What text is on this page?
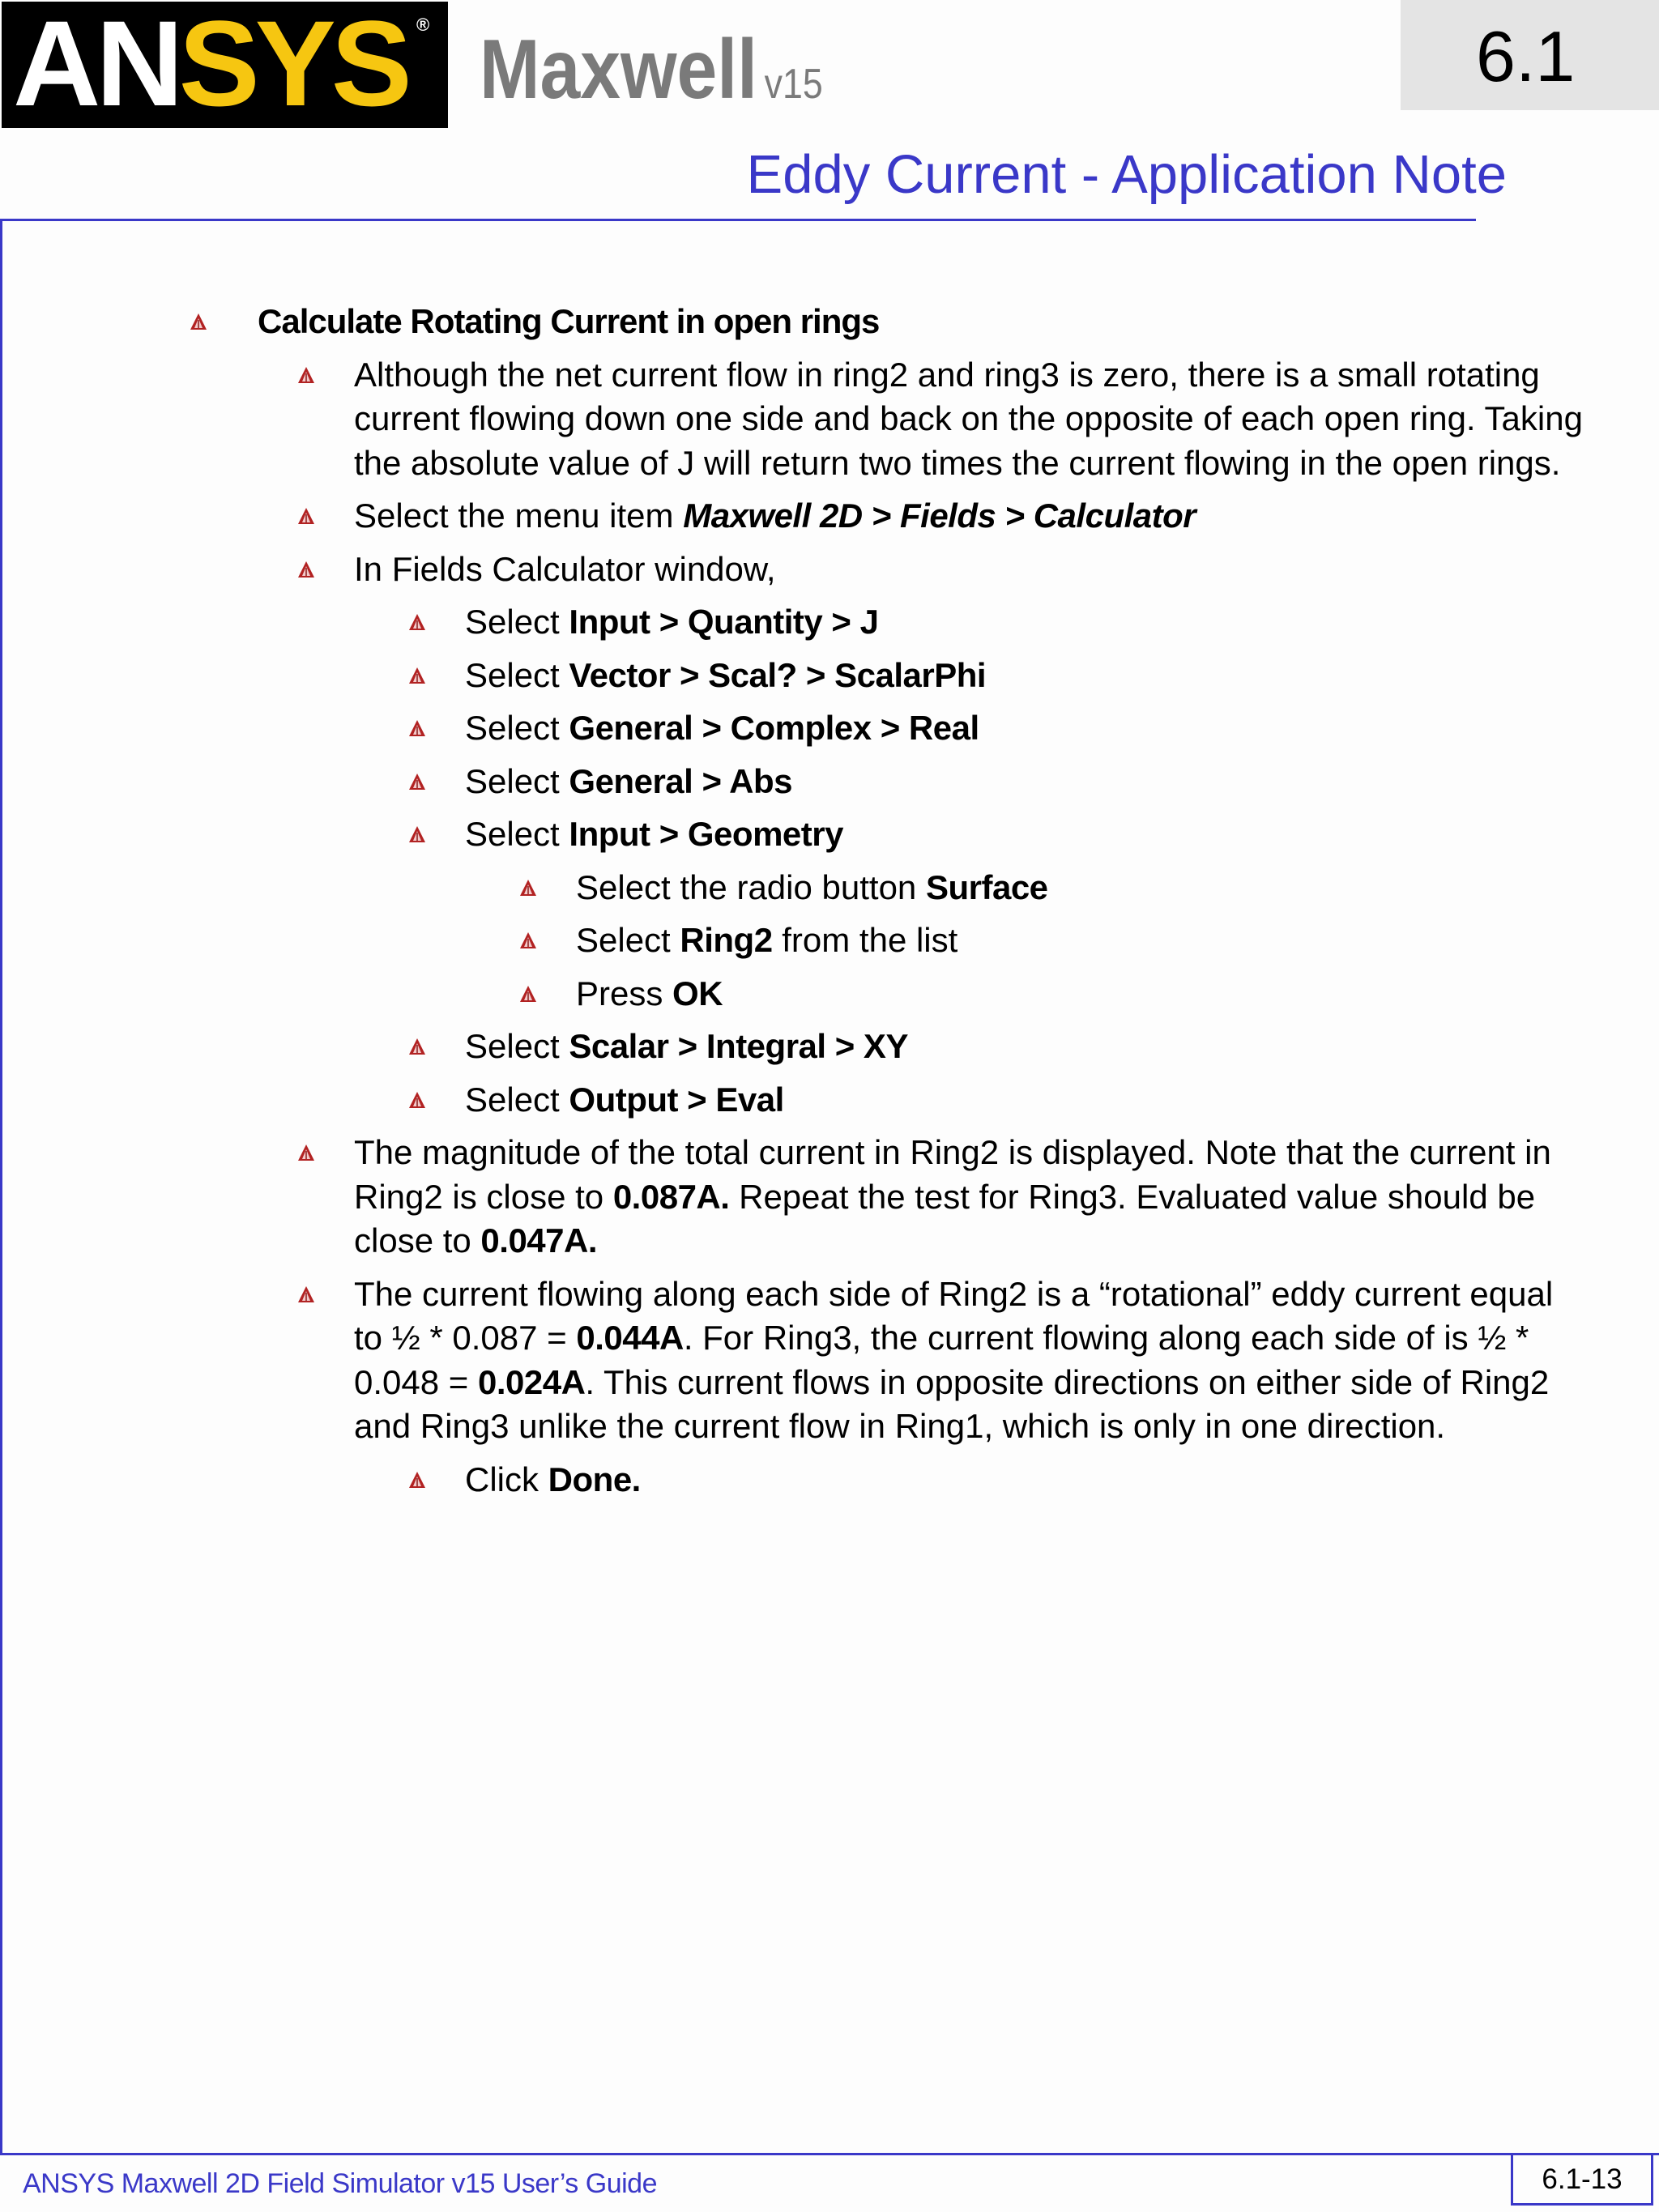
ANSYS ® Maxwell v15	6.1
Eddy Current - Application Note
Calculate Rotating Current in open rings
Although the net current flow in ring2 and ring3 is zero, there is a small rotating current flowing down one side and back on the opposite of each open ring. Taking the absolute value of J will return two times the current flowing in the open rings.
Select the menu item Maxwell 2D > Fields > Calculator
In Fields Calculator window,
Select Input > Quantity > J
Select Vector > Scal? > ScalarPhi
Select General > Complex > Real
Select General > Abs
Select Input > Geometry
Select the radio button Surface
Select Ring2 from the list
Press OK
Select Scalar > Integral > XY
Select Output > Eval
The magnitude of the total current in Ring2 is displayed. Note that the current in Ring2 is close to 0.087A. Repeat the test for Ring3. Evaluated value should be close to 0.047A.
The current flowing along each side of Ring2 is a “rotational” eddy current equal to ½ * 0.087 = 0.044A. For Ring3, the current flowing along each side of is ½ * 0.048 = 0.024A. This current flows in opposite directions on either side of Ring2 and Ring3 unlike the current flow in Ring1, which is only in one direction.
Click Done.
ANSYS Maxwell 2D Field Simulator v15 User’s Guide	6.1-13
